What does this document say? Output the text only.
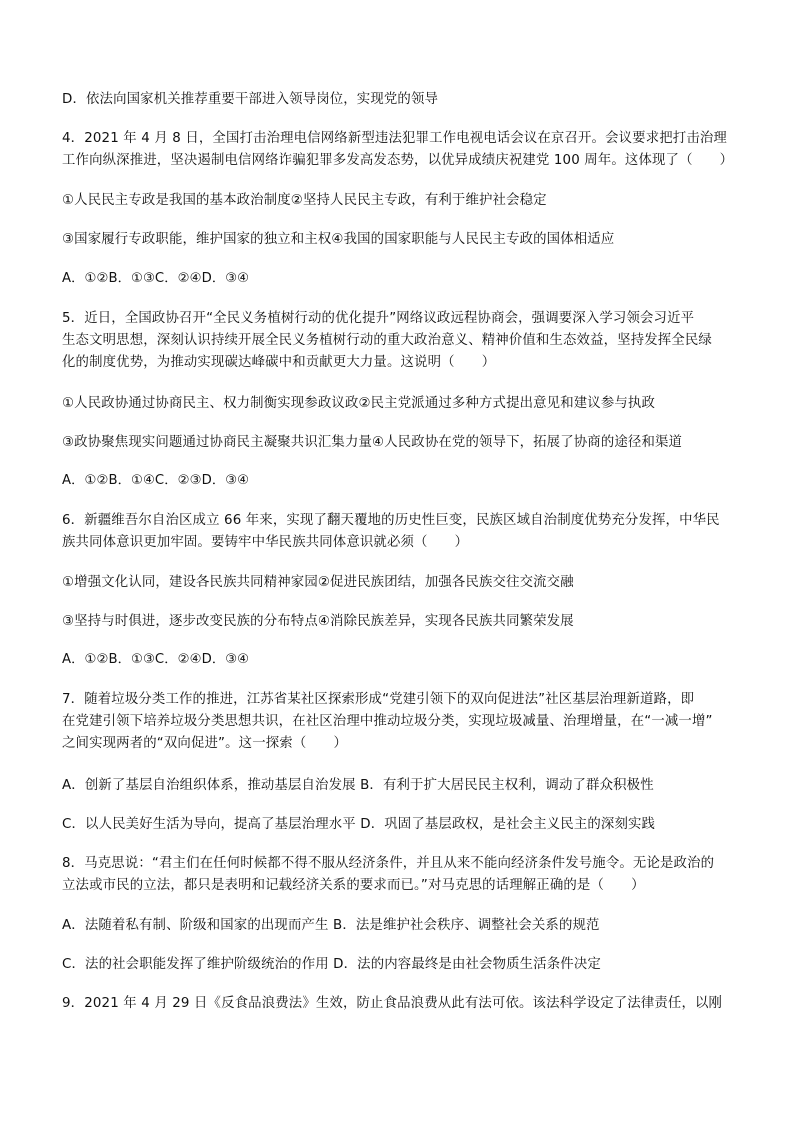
D．依法向国家机关推荐重要干部进入领导岗位，实现党的领导
4．2021 年 4 月 8 日，全国打击治理电信网络新型违法犯罪工作电视电话会议在京召开。会议要求把打击治理
工作向纵深推进，坚决遏制电信网络诈骗犯罪多发高发态势，以优异成绩庆祝建党 100 周年。这体现了（　　）
①人民民主专政是我国的基本政治制度②坚持人民民主专政，有利于维护社会稳定
③国家履行专政职能，维护国家的独立和主权④我国的国家职能与人民民主专政的国体相适应
A．①②B．①③C．②④D．③④
5．近日，全国政协召开“全民义务植树行动的优化提升”网络议政远程协商会，强调要深入学习领会习近平
生态文明思想，深刻认识持续开展全民义务植树行动的重大政治意义、精神价值和生态效益，坚持发挥全民绿
化的制度优势，为推动实现碳达峰碳中和贡献更大力量。这说明（　　）
①人民政协通过协商民主、权力制衡实现参政议政②民主党派通过多种方式提出意见和建议参与执政
③政协聚焦现实问题通过协商民主凝聚共识汇集力量④人民政协在党的领导下，拓展了协商的途径和渠道
A．①②B．①④C．②③D．③④
6．新疆维吾尔自治区成立 66 年来，实现了翻天覆地的历史性巨变，民族区域自治制度优势充分发挥，中华民
族共同体意识更加牢固。要铸牢中华民族共同体意识就必须（　　）
①增强文化认同，建设各民族共同精神家园②促进民族团结，加强各民族交往交流交融
③坚持与时俱进，逐步改变民族的分布特点④消除民族差异，实现各民族共同繁荣发展
A．①②B．①③C．②④D．③④
7．随着垃圾分类工作的推进，江苏省某社区探索形成“党建引领下的双向促进法”社区基层治理新道路，即
在党建引领下培养垃圾分类思想共识，在社区治理中推动垃圾分类，实现垃圾减量、治理增量，在“一减一增”
之间实现两者的“双向促进”。这一探索（　　）
A．创新了基层自治组织体系，推动基层自治发展 B．有利于扩大居民民主权利，调动了群众积极性
C．以人民美好生活为导向，提高了基层治理水平 D．巩固了基层政权，是社会主义民主的深刻实践
8．马克思说：“君主们在任何时候都不得不服从经济条件，并且从来不能向经济条件发号施令。无论是政治的
立法或市民的立法，都只是表明和记载经济关系的要求而已。”对马克思的话理解正确的是（　　）
A．法随着私有制、阶级和国家的出现而产生 B．法是维护社会秩序、调整社会关系的规范
C．法的社会职能发挥了维护阶级统治的作用 D．法的内容最终是由社会物质生活条件决定
9．2021 年 4 月 29 日《反食品浪费法》生效，防止食品浪费从此有法可依。该法科学设定了法律责任，以刚
